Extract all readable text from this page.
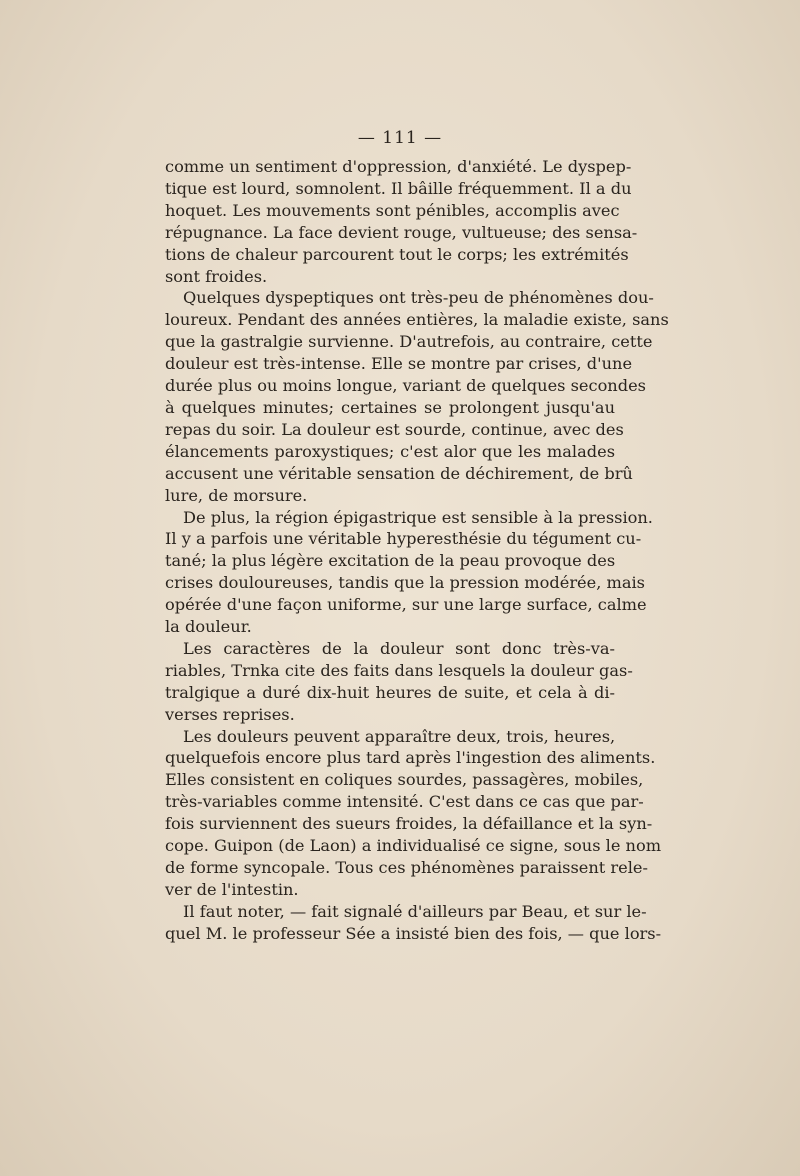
— 111 —
comme un sentiment d'oppression, d'anxiété. Le dyspep-
tique est lourd, somnolent. Il bâille fréquemment. Il a du
hoquet. Les mouvements sont pénibles, accomplis avec
répugnance. La face devient rouge, vultueuse; des sensa-
tions de chaleur parcourent tout le corps; les extrémités
sont froides.
Quelques dyspeptiques ont très-peu de phénomènes dou-
loureux. Pendant des années entières, la maladie existe, sans
que la gastralgie survienne. D'autrefois, au contraire, cette
douleur est très-intense. Elle se montre par crises, d'une
durée plus ou moins longue, variant de quelques secondes
à quelques minutes; certaines se prolongent jusqu'au
repas du soir. La douleur est sourde, continue, avec des
élancements paroxystiques; c'est alor que les malades
accusent une véritable sensation de déchirement, de brû
lure, de morsure.
De plus, la région épigastrique est sensible à la pression.
Il y a parfois une véritable hyperesthésie du tégument cu-
tané; la plus légère excitation de la peau provoque des
crises douloureuses, tandis que la pression modérée, mais
opérée d'une façon uniforme, sur une large surface, calme
la douleur.
Les caractères de la douleur sont donc très-va-
riables, Trnka cite des faits dans lesquels la douleur gas-
tralgique a duré dix-huit heures de suite, et cela à di-
verses reprises.
Les douleurs peuvent apparaître deux, trois, heures,
quelquefois encore plus tard après l'ingestion des aliments.
Elles consistent en coliques sourdes, passagères, mobiles,
très-variables comme intensité. C'est dans ce cas que par-
fois surviennent des sueurs froides, la défaillance et la syn-
cope. Guipon (de Laon) a individualisé ce signe, sous le nom
de forme syncopale. Tous ces phénomènes paraissent rele-
ver de l'intestin.
Il faut noter, — fait signalé d'ailleurs par Beau, et sur le-
quel M. le professeur Sée a insisté bien des fois, — que lors-
